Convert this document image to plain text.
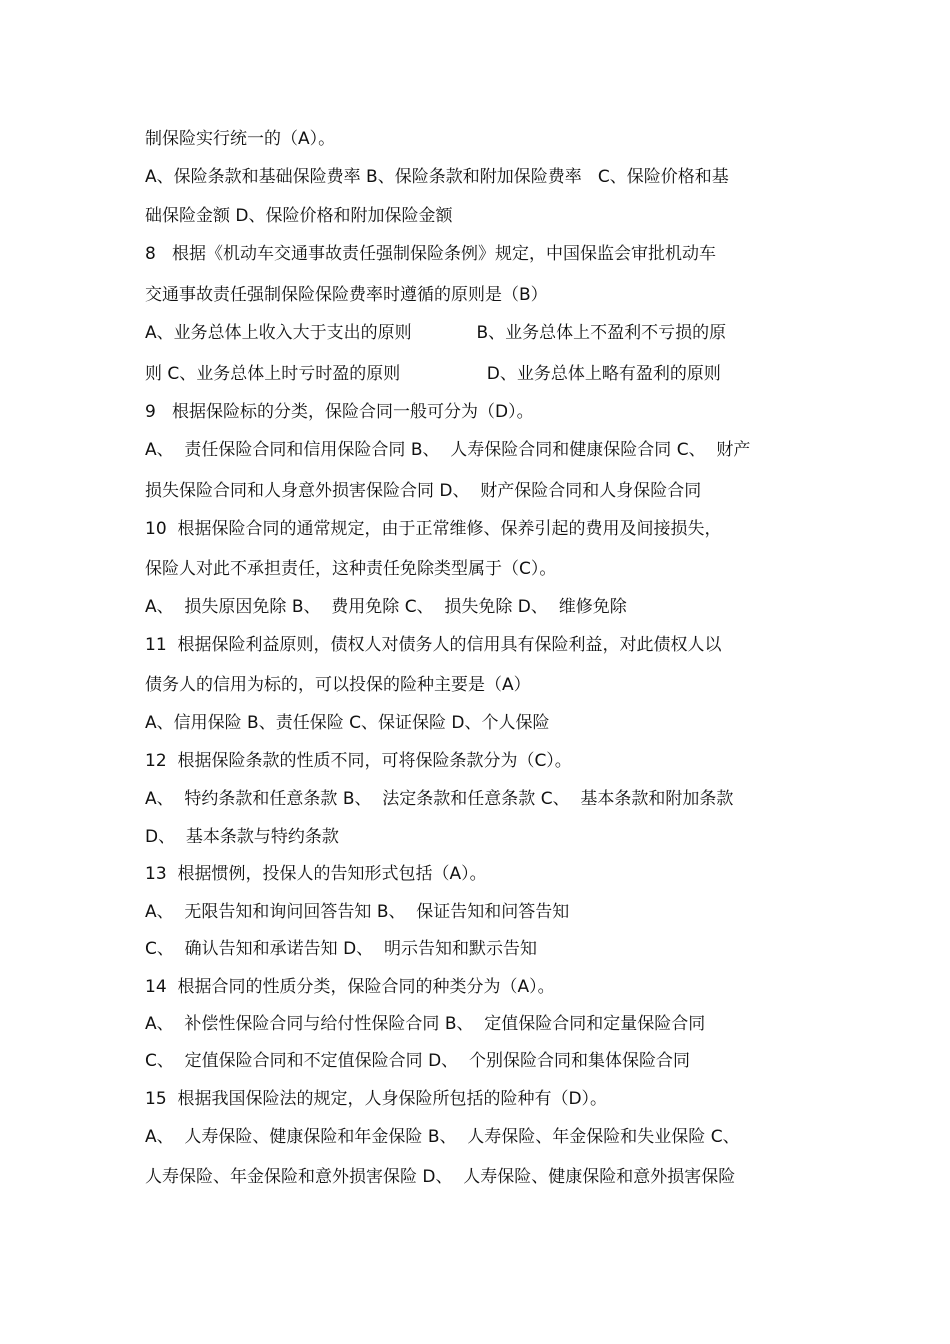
制保险实行统一的（A）。
A、保险条款和基础保险费率 B、保险条款和附加保险费率   C、保险价格和基
础保险金额 D、保险价格和附加保险金额
8   根据《机动车交通事故责任强制保险条例》规定，中国保监会审批机动车
交通事故责任强制保险保险费率时遵循的原则是（B）
A、业务总体上收入大于支出的原则            B、业务总体上不盈利不亏损的原
则 C、业务总体上时亏时盈的原则                D、业务总体上略有盈利的原则
9   根据保险标的分类，保险合同一般可分为（D）。
A、  责任保险合同和信用保险合同 B、  人寿保险合同和健康保险合同 C、  财产
损失保险合同和人身意外损害保险合同 D、  财产保险合同和人身保险合同
10  根据保险合同的通常规定，由于正常维修、保养引起的费用及间接损失，
保险人对此不承担责任，这种责任免除类型属于（C）。
A、  损失原因免除 B、  费用免除 C、  损失免除 D、  维修免除
11  根据保险利益原则，债权人对债务人的信用具有保险利益，对此债权人以
债务人的信用为标的，可以投保的险种主要是（A）
A、信用保险 B、责任保险 C、保证保险 D、个人保险
12  根据保险条款的性质不同，可将保险条款分为（C）。
A、  特约条款和任意条款 B、  法定条款和任意条款 C、  基本条款和附加条款
D、  基本条款与特约条款
13  根据惯例，投保人的告知形式包括（A）。
A、  无限告知和询问回答告知 B、  保证告知和问答告知
C、  确认告知和承诺告知 D、  明示告知和默示告知
14  根据合同的性质分类，保险合同的种类分为（A）。
A、  补偿性保险合同与给付性保险合同 B、  定值保险合同和定量保险合同
C、  定值保险合同和不定值保险合同 D、  个别保险合同和集体保险合同
15  根据我国保险法的规定，人身保险所包括的险种有（D）。
A、  人寿保险、健康保险和年金保险 B、  人寿保险、年金保险和失业保险 C、
人寿保险、年金保险和意外损害保险 D、  人寿保险、健康保险和意外损害保险
